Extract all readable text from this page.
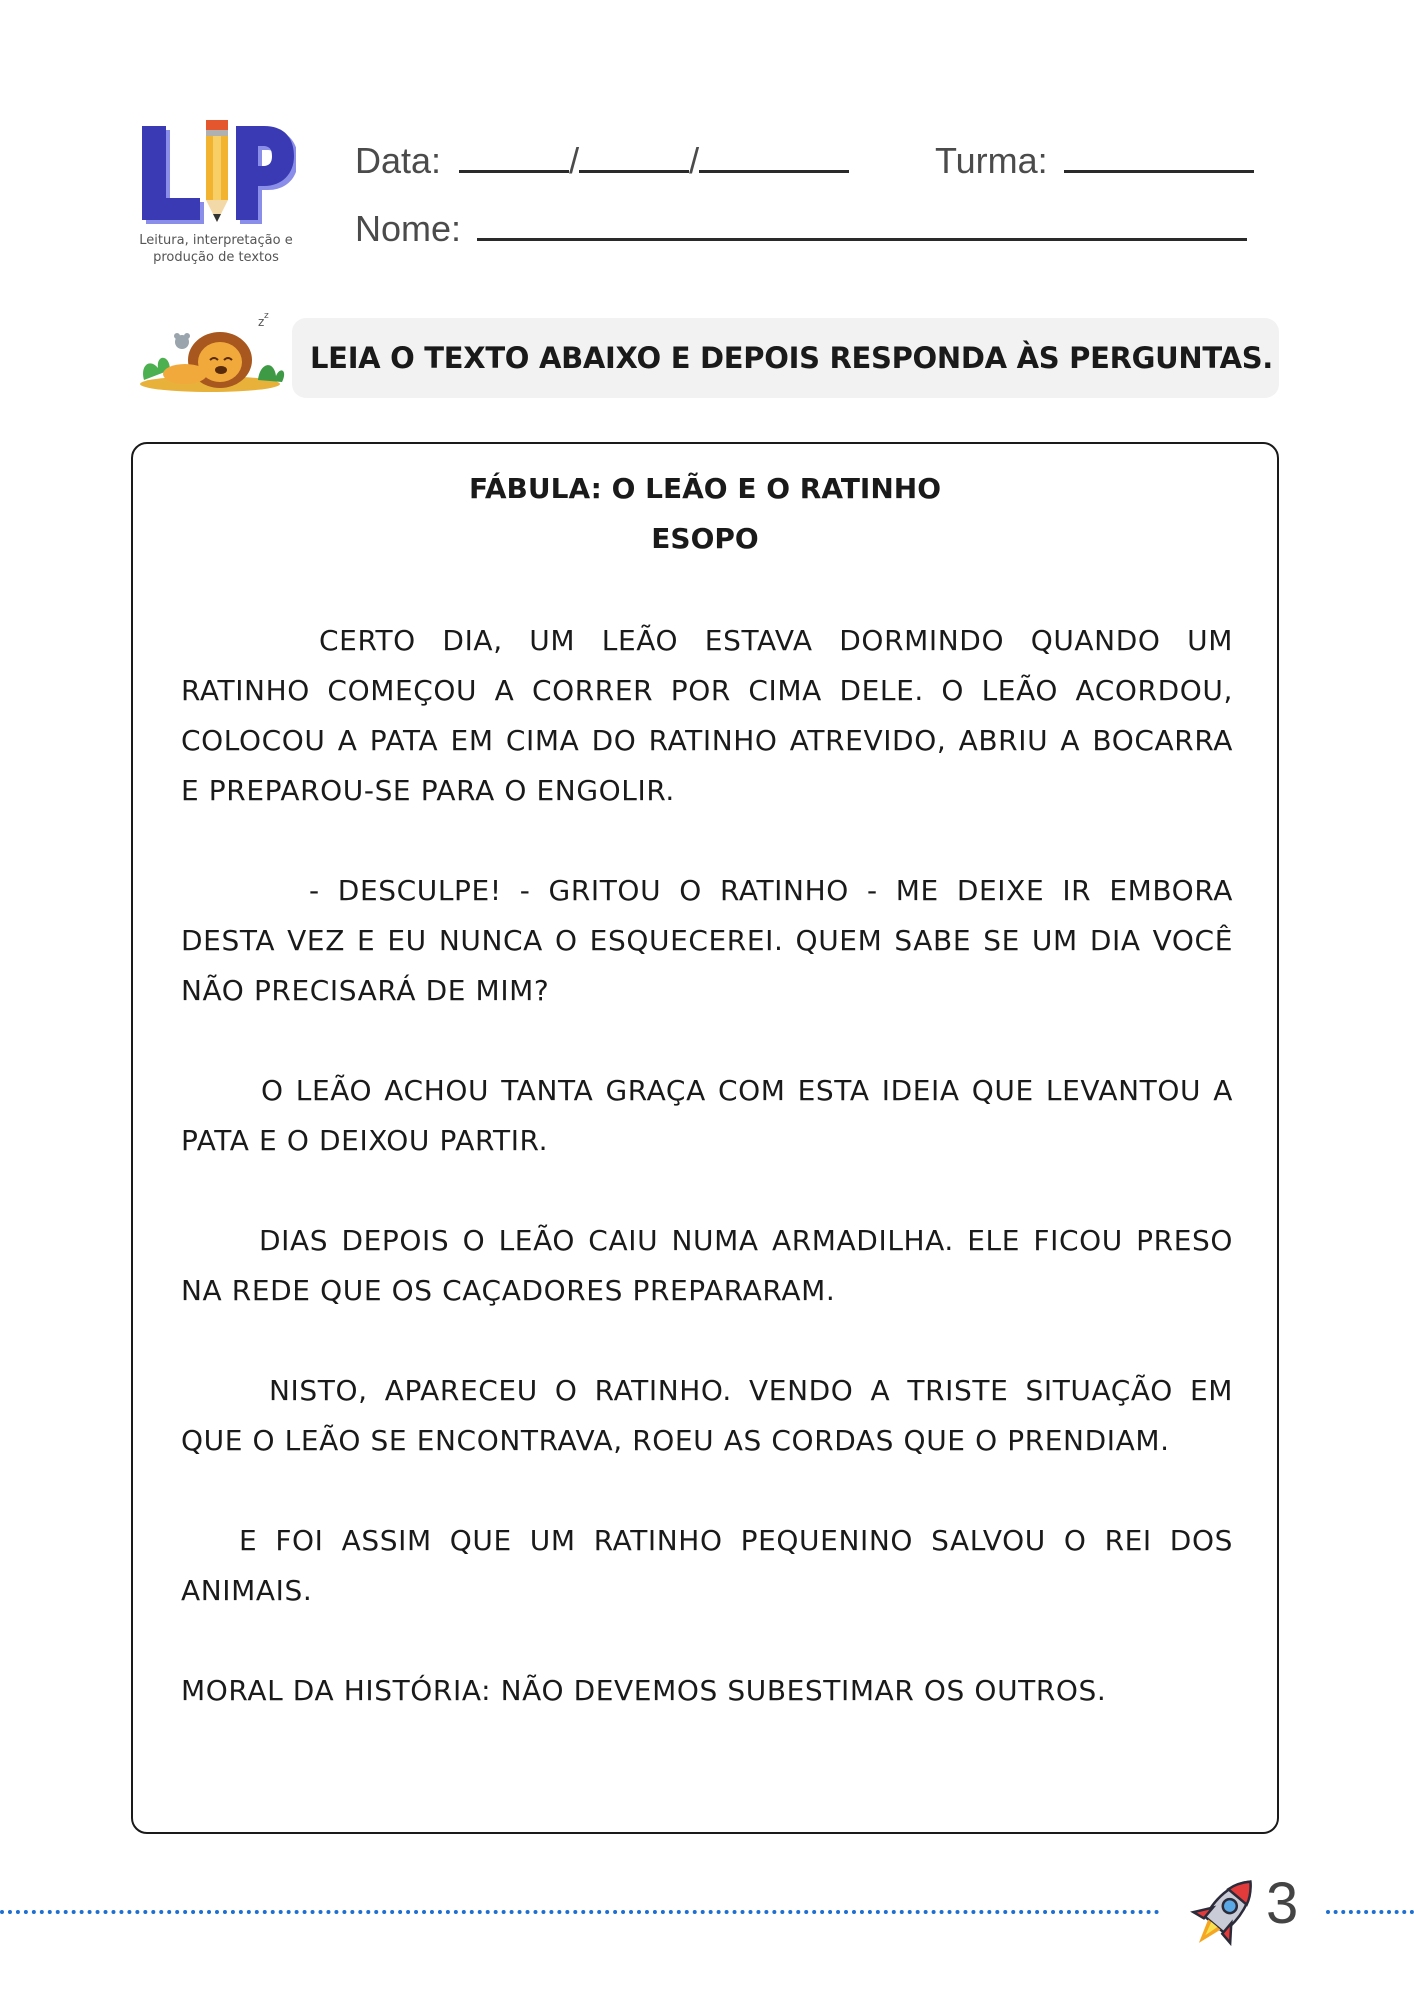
Leitura, interpretação e
produção de textos
Data:	/	/	Turma:
Nome:
z z
LEIA O TEXTO ABAIXO E DEPOIS RESPONDA ÀS PERGUNTAS.
FÁBULA: O LEÃO E O RATINHO
ESOPO
CERTO DIA, UM LEÃO ESTAVA DORMINDO QUANDO UM RATINHO COMEÇOU A CORRER POR CIMA DELE. O LEÃO ACORDOU, COLOCOU A PATA EM CIMA DO RATINHO ATREVIDO, ABRIU A BOCARRA E PREPAROU-SE PARA O ENGOLIR.
- DESCULPE! - GRITOU O RATINHO - ME DEIXE IR EMBORA DESTA VEZ E EU NUNCA O ESQUECEREI. QUEM SABE SE UM DIA VOCÊ NÃO PRECISARÁ DE MIM?
O LEÃO ACHOU TANTA GRAÇA COM ESTA IDEIA QUE LEVANTOU A PATA E O DEIXOU PARTIR.
DIAS DEPOIS O LEÃO CAIU NUMA ARMADILHA. ELE FICOU PRESO NA REDE QUE OS CAÇADORES PREPARARAM.
NISTO, APARECEU O RATINHO. VENDO A TRISTE SITUAÇÃO EM QUE O LEÃO SE ENCONTRAVA, ROEU AS CORDAS QUE O PRENDIAM.
E FOI ASSIM QUE UM RATINHO PEQUENINO SALVOU O REI DOS ANIMAIS.
MORAL DA HISTÓRIA: NÃO DEVEMOS SUBESTIMAR OS OUTROS.
3
